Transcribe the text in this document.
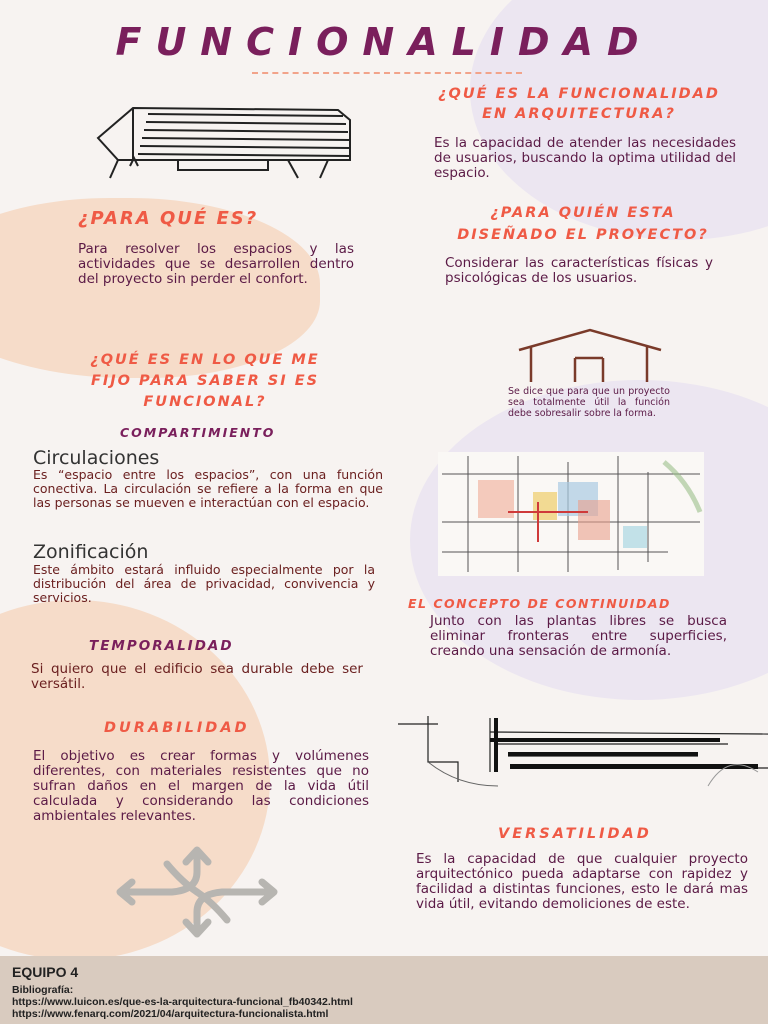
FUNCIONALIDAD
¿QUÉ ES LA FUNCIONALIDAD
EN ARQUITECTURA?
Es la capacidad de atender las necesidades de usuarios, buscando la optima utilidad del espacio.
¿PARA QUÉ ES?
Para resolver los espacios y las actividades que se desarrollen dentro del proyecto sin perder el confort.
¿PARA QUIÉN ESTA
DISEÑADO EL PROYECTO?
Considerar las características físicas y psicológicas de los usuarios.
Se dice que para que un proyecto sea totalmente útil la función debe sobresalir sobre la forma.
¿QUÉ ES EN LO QUE ME
FIJO PARA SABER SI ES
FUNCIONAL?
COMPARTIMIENTO
Circulaciones
Es “espacio entre los espacios”, con una función conectiva. La circulación se refiere a la forma en que las personas se mueven e interactúan con el espacio.
Zonificación
Este ámbito estará influido especialmente por la distribución del área de privacidad, convivencia y servicios.	EL CONCEPTO DE CONTINUIDAD
Junto con las plantas libres se busca eliminar fronteras entre superficies, creando una sensación de armonía.
TEMPORALIDAD
Si quiero que el edificio sea durable debe ser versátil.
DURABILIDAD
El objetivo es crear formas y volúmenes diferentes, con materiales resistentes que no sufran daños en el margen de la vida útil calculada y considerando las condiciones ambientales relevantes.
VERSATILIDAD
Es la capacidad de que cualquier proyecto arquitectónico pueda adaptarse con rapidez y facilidad a distintas funciones, esto le dará mas vida útil, evitando demoliciones de este.
EQUIPO 4
Bibliografía:
https://www.luicon.es/que-es-la-arquitectura-funcional_fb40342.html
https://www.fenarq.com/2021/04/arquitectura-funcionalista.html
